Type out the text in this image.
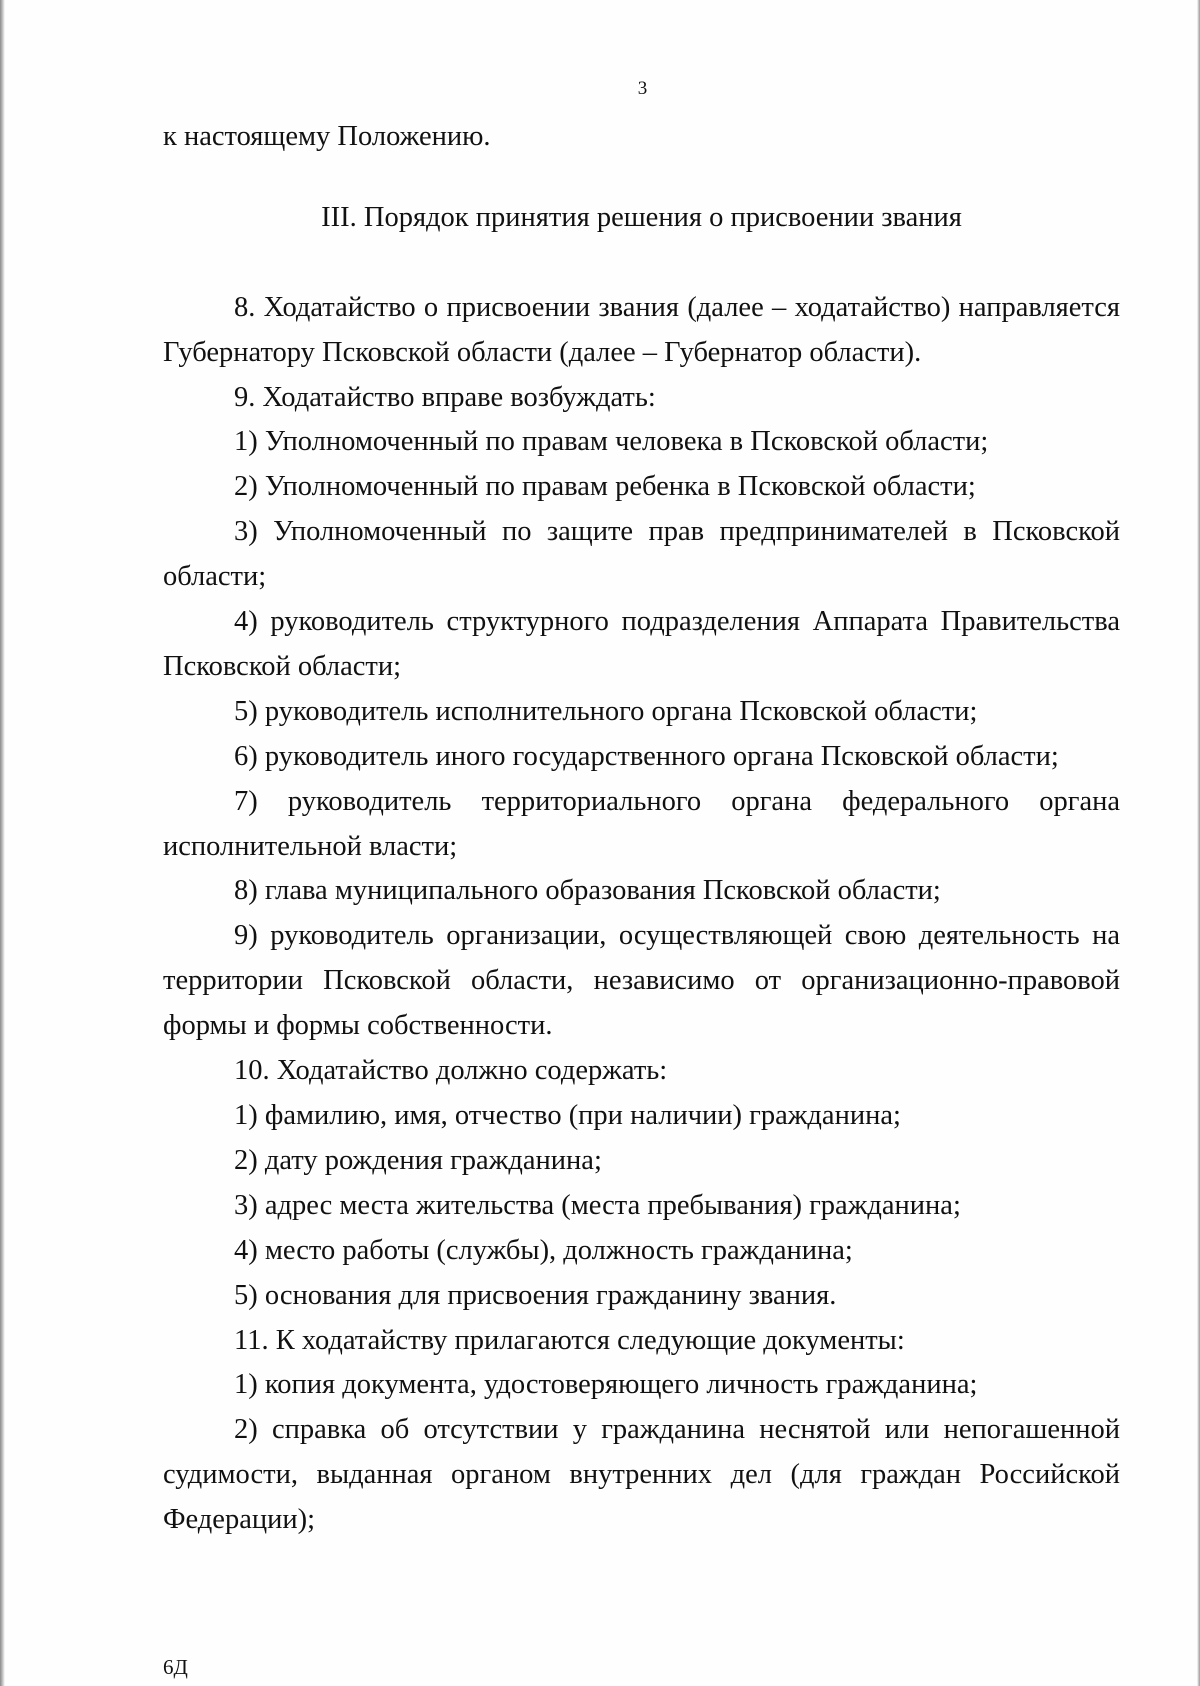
3

к настоящему Положению.

III. Порядок принятия решения о присвоении звания

8. Ходатайство о присвоении звания (далее – ходатайство) направляется Губернатору Псковской области (далее – Губернатор области).

9. Ходатайство вправе возбуждать:

1) Уполномоченный по правам человека в Псковской области;

2) Уполномоченный по правам ребенка в Псковской области;

3) Уполномоченный по защите прав предпринимателей в Псковской области;

4) руководитель структурного подразделения Аппарата Правительства Псковской области;

5) руководитель исполнительного органа Псковской области;

6) руководитель иного государственного органа Псковской области;

7) руководитель территориального органа федерального органа исполнительной власти;

8) глава муниципального образования Псковской области;

9) руководитель организации, осуществляющей свою деятельность на территории Псковской области, независимо от организационно-правовой формы и формы собственности.

10. Ходатайство должно содержать:

1) фамилию, имя, отчество (при наличии) гражданина;

2) дату рождения гражданина;

3) адрес места жительства (места пребывания) гражданина;

4) место работы (службы), должность гражданина;

5) основания для присвоения гражданину звания.

11. К ходатайству прилагаются следующие документы:

1) копия документа, удостоверяющего личность гражданина;

2) справка об отсутствии у гражданина неснятой или непогашенной судимости, выданная органом внутренних дел (для граждан Российской Федерации);

6Д
